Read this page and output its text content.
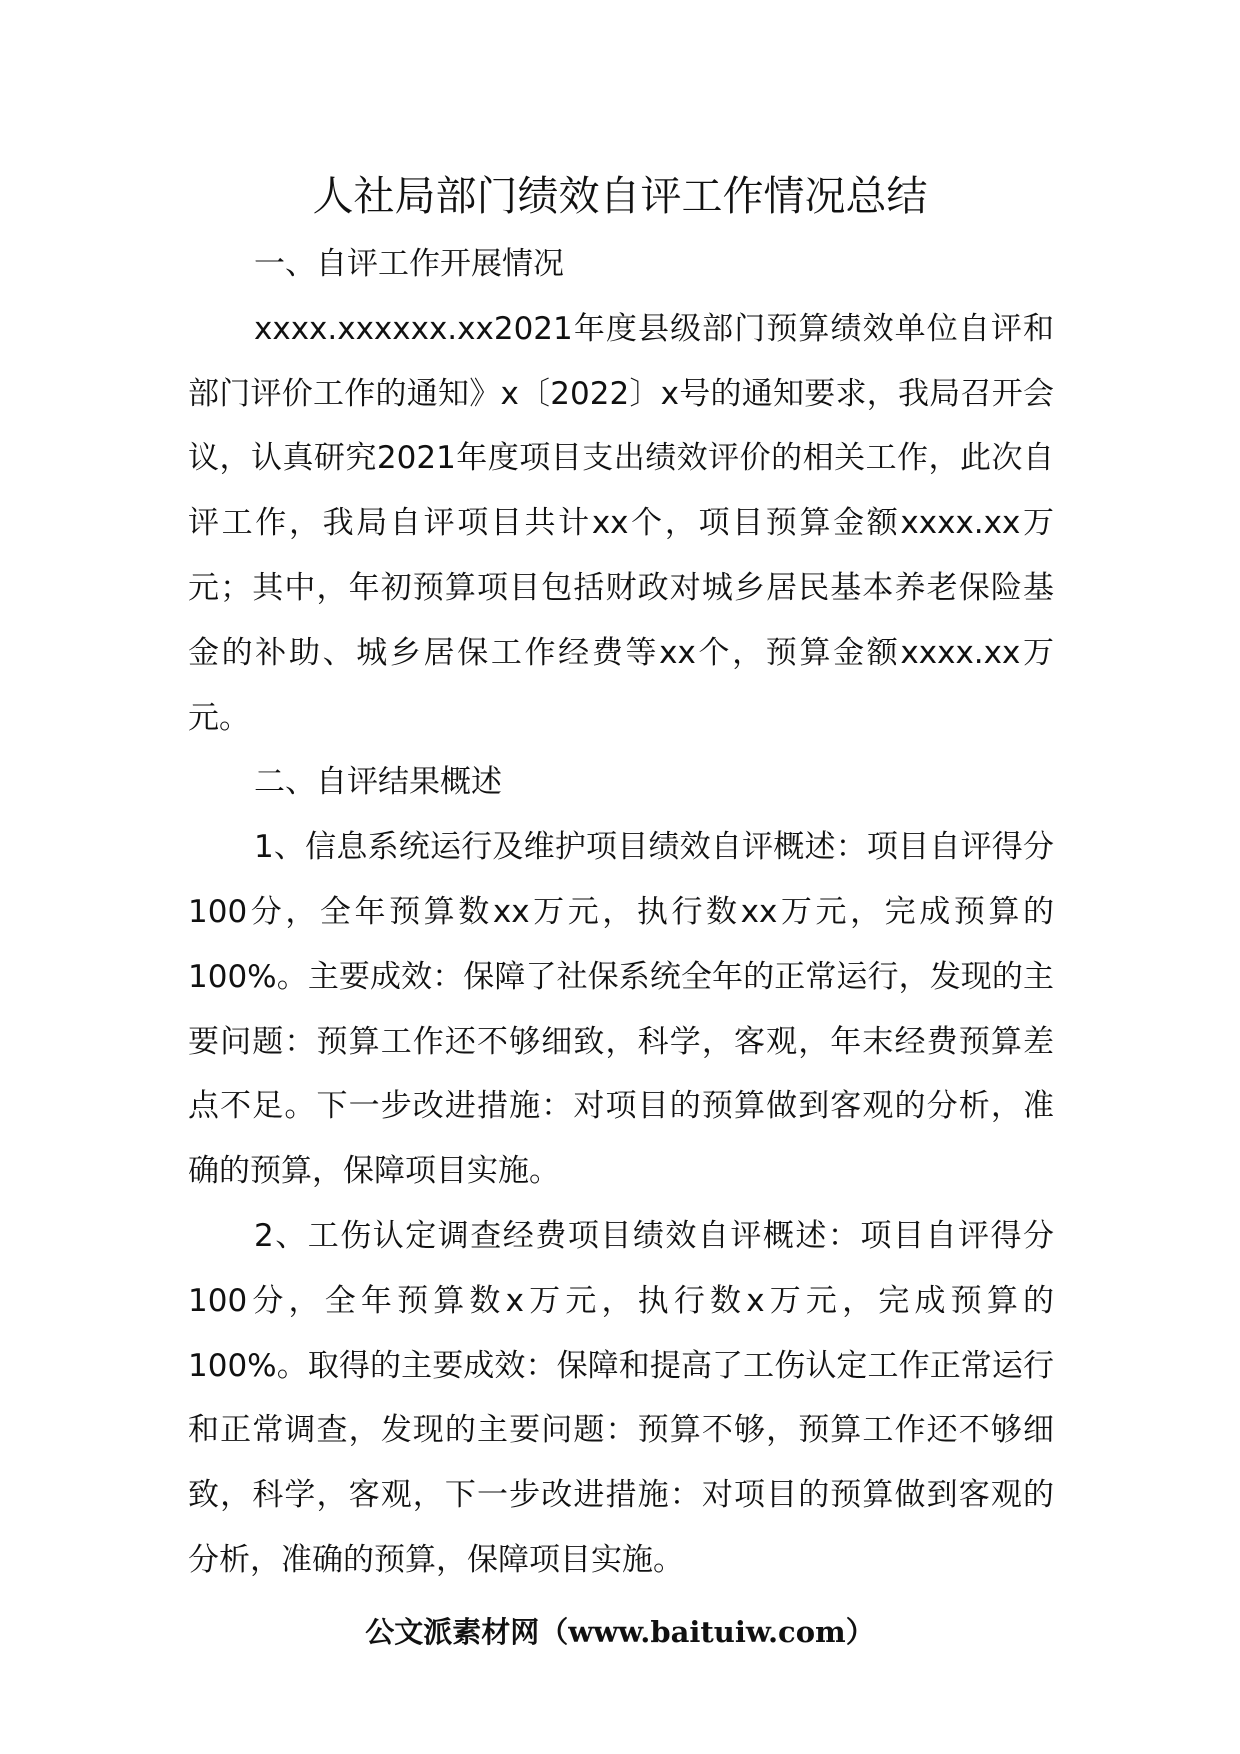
人社局部门绩效自评工作情况总结

一、自评工作开展情况

xxxx.xxxxxx.xx2021年度县级部门预算绩效单位自评和部门评价工作的通知》x〔2022〕x号的通知要求，我局召开会议，认真研究2021年度项目支出绩效评价的相关工作，此次自评工作，我局自评项目共计xx个，项目预算金额xxxx.xx万元；其中，年初预算项目包括财政对城乡居民基本养老保险基金的补助、城乡居保工作经费等xx个，预算金额xxxx.xx万元。

二、自评结果概述

1、信息系统运行及维护项目绩效自评概述：项目自评得分100分，全年预算数xx万元，执行数xx万元，完成预算的100%。主要成效：保障了社保系统全年的正常运行，发现的主要问题：预算工作还不够细致，科学，客观，年末经费预算差点不足。下一步改进措施：对项目的预算做到客观的分析，准确的预算，保障项目实施。

2、工伤认定调查经费项目绩效自评概述：项目自评得分100分，全年预算数x万元，执行数x万元，完成预算的100%。取得的主要成效：保障和提高了工伤认定工作正常运行和正常调查，发现的主要问题：预算不够，预算工作还不够细致，科学，客观，下一步改进措施：对项目的预算做到客观的分析，准确的预算，保障项目实施。

公文派素材网（www.baituiw.com）
